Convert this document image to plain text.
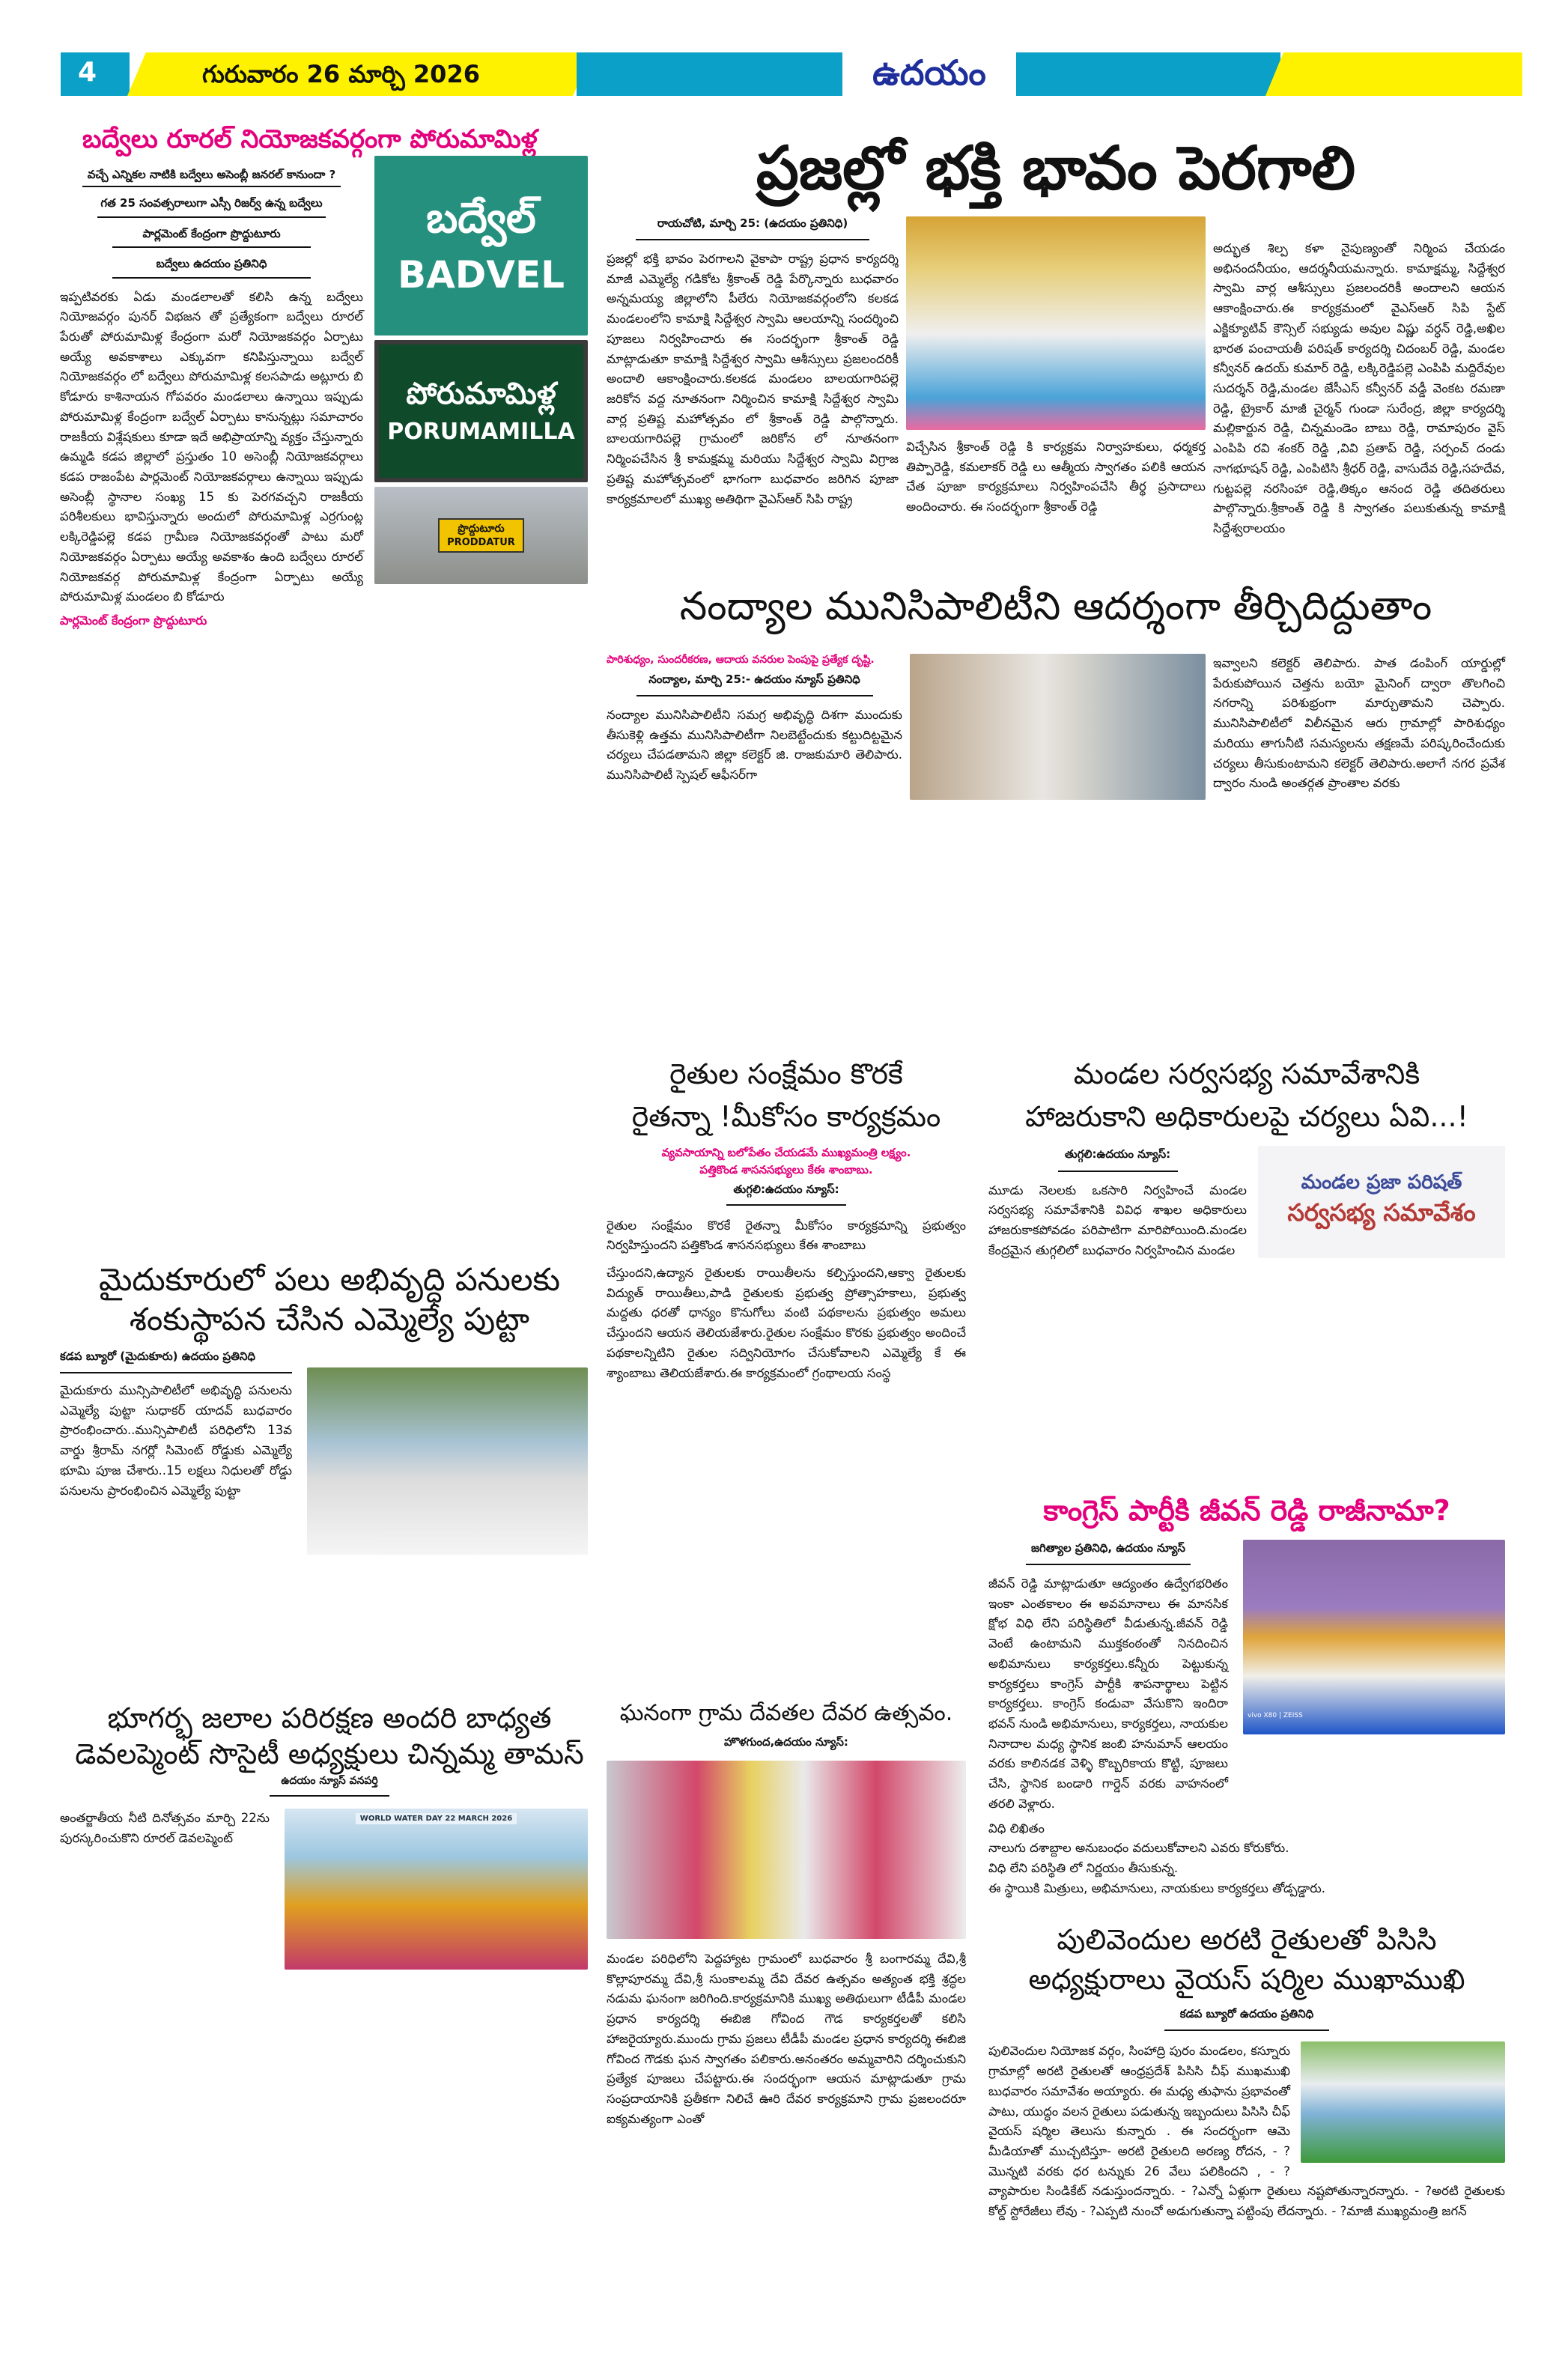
4	గురువారం 26 మార్చి 2026	ఉదయం
బద్వేలు రూరల్ నియోజకవర్గంగా పోరుమామిళ్ల
వచ్చే ఎన్నికల నాటికి బద్వేలు అసెంబ్లీ జనరల్ కానుందా ?
గత 25 సంవత్సరాలుగా ఎస్సీ రిజర్వ్ ఉన్న బద్వేలు
పార్లమెంట్ కేంద్రంగా ప్రొద్దుటూరు
బద్వేలు ఉదయం ప్రతినిధి
ఇప్పటివరకు ఏడు మండలాలతో కలిసి ఉన్న బద్వేలు నియోజవర్గం పునర్ విభజన తో ప్రత్యేకంగా బద్వేలు రూరల్ పేరుతో పోరుమామిళ్ల కేంద్రంగా మరో నియోజకవర్గం ఏర్పాటు అయ్యే అవకాశాలు ఎక్కువగా కనిపిస్తున్నాయి బద్వేల్ నియోజకవర్గం లో బద్వేలు పోరుమామిళ్ల కలసపాడు అట్లూరు బి కోడూరు కాశినాయన గోపవరం మండలాలు ఉన్నాయి ఇప్పుడు పోరుమామిళ్ల కేంద్రంగా బద్వేల్ ఏర్పాటు కానున్నట్లు సమాచారం రాజకీయ విశ్లేషకులు కూడా ఇదే అభిప్రాయాన్ని వ్యక్తం చేస్తున్నారు ఉమ్మడి కడప జిల్లాలో ప్రస్తుతం 10 అసెంబ్లీ నియోజకవర్గాలు కడప రాజంపేట పార్లమెంట్ నియోజకవర్గాలు ఉన్నాయి ఇప్పుడు అసెంబ్లీ స్థానాల సంఖ్య 15 కు పెరగవచ్చని రాజకీయ పరిశీలకులు భావిస్తున్నారు అందులో పోరుమామిళ్ల ఎర్రగుంట్ల లక్కిరెడ్డిపల్లె కడప గ్రామీణ నియోజకవర్గంతో పాటు మరో నియోజకవర్గం ఏర్పాటు అయ్యే అవకాశం ఉంది బద్వేలు రూరల్ నియోజకవర్గ పోరుమామిళ్ల కేంద్రంగా ఏర్పాటు అయ్యే పోరుమామిళ్ల మండలం బి కోడూరు
పార్లమెంట్ కేంద్రంగా ప్రొద్దుటూరు
బద్వేల్
BADVEL
పోరుమామిళ్ల
PORUMAMILLA
ప్రొద్దుటూరు
PRODDATUR
మైదుకూరులో పలు అభివృద్ధి పనులకు
శంకుస్థాపన చేసిన ఎమ్మెల్యే పుట్టా
కడప బ్యూరో (మైదుకూరు) ఉదయం ప్రతినిధి
మైదుకూరు మున్సిపాలిటీలో అభివృద్ధి పనులను ఎమ్మెల్యే పుట్టా సుధాకర్ యాదవ్ బుధవారం ప్రారంభించారు..మున్సిపాలిటీ పరిధిలోని 13వ వార్డు శ్రీరామ్ నగర్లో సిమెంట్ రోడ్డుకు ఎమ్మెల్యే భూమి పూజ చేశారు..15 లక్షలు నిధులతో రోడ్డు పనులను ప్రారంభించిన ఎమ్మెల్యే పుట్టా
భూగర్భ జలాల పరిరక్షణ అందరి బాధ్యత
డెవలప్మెంట్ సొసైటీ అధ్యక్షులు చిన్నమ్మ తామస్
ఉదయం న్యూస్ వనపర్తి
అంతర్జాతీయ నీటి దినోత్సవం మార్చి 22ను పురస్కరించుకొని రూరల్ డెవలప్మెంట్
WORLD WATER DAY 22 MARCH 2026
ప్రజల్లో భక్తి భావం పెరగాలి
రాయచోటి, మార్చి 25: (ఉదయం ప్రతినిధి)
ప్రజల్లో భక్తి భావం పెరగాలని వైకాపా రాష్ట్ర ప్రధాన కార్యదర్శి మాజీ ఎమ్మెల్యే గడికోట శ్రీకాంత్ రెడ్డి పేర్కొన్నారు బుధవారం అన్నమయ్య జిల్లాలోని పీలేరు నియోజకవర్గంలోని కలకడ మండలంలోని కామాక్షి సిద్దేశ్వర స్వామి ఆలయాన్ని సందర్శించి పూజలు నిర్వహించారు ఈ సందర్భంగా శ్రీకాంత్ రెడ్డి మాట్లాడుతూ కామాక్షి సిద్దేశ్వర స్వామి ఆశీస్సులు ప్రజలందరికీ అందాలి ఆకాంక్షించారు.కలకడ మండలం బాలయగారిపల్లె జరికోన వద్ద నూతనంగా నిర్మించిన కామాక్షి సిద్దేశ్వర స్వామి వార్ల ప్రతిష్ట మహోత్సవం లో శ్రీకాంత్ రెడ్డి పాల్గొన్నారు. బాలయగారిపల్లె గ్రామంలో జరికోన లో నూతనంగా నిర్మింపచేసిన శ్రీ కామక్షమ్మ మరియు సిద్దేశ్వర స్వామి విగ్రాజ ప్రతిష్ట మహోత్సవంలో భాగంగా బుధవారం జరిగిన పూజా కార్యక్రమాలలో ముఖ్య అతిథిగా వైఎస్ఆర్ సిపి రాష్ట్ర
విచ్చేసిన శ్రీకాంత్ రెడ్డి కి కార్యక్రమ నిర్వాహకులు, ధర్మకర్త తిప్పారెడ్డి, కమలాకర్ రెడ్డి లు ఆత్మీయ స్వాగతం పలికి ఆయన చేత పూజా కార్యక్రమాలు నిర్వహింపచేసి తీర్థ ప్రసాదాలు అందించారు. ఈ సందర్భంగా శ్రీకాంత్ రెడ్డి
అద్భుత శిల్ప కళా నైపుణ్యంతో నిర్మింప చేయడం అభినందనీయం, ఆదర్శనీయమన్నారు. కామాక్షమ్మ, సిద్దేశ్వర స్వామి వార్ల ఆశీస్సులు ప్రజలందరికీ అందాలని ఆయన ఆకాంక్షించారు.ఈ కార్యక్రమంలో వైఎస్ఆర్ సిపి స్టేట్ ఎక్జిక్యూటివ్ కౌన్సిల్ సభ్యుడు అవుల విష్ణు వర్ధన్ రెడ్డి,అఖిల భారత పంచాయతీ పరిషత్ కార్యదర్శి చిదంబర్ రెడ్డి, మండల కన్వీనర్ ఉదయ్ కుమార్ రెడ్డి, లక్కిరెడ్డిపల్లె ఎంపిపి మద్దిరేవుల సుదర్శన్ రెడ్డి,మండల జేసీఎస్ కన్వీనర్ వడ్డీ వెంకట రమణా రెడ్డి, ట్రైకార్ మాజీ చైర్మన్ గుండా సురేంద్ర, జిల్లా కార్యదర్శి మల్లికార్జున రెడ్డి, చిన్నమండెం బాబు రెడ్డి, రామాపురం వైస్ ఎంపిపి రవి శంకర్ రెడ్డి ,వివి ప్రతాప్ రెడ్డి, సర్పంచ్ దండు నాగభూషన్ రెడ్డి, ఎంపిటిసి శ్రీధర్ రెడ్డి, వాసుదేవ రెడ్డి,సహదేవ, గుట్టపల్లె నరసింహా రెడ్డి,తిక్కం ఆనంద రెడ్డి తదితరులు పాల్గొన్నారు.శ్రీకాంత్ రెడ్డి కి స్వాగతం పలుకుతున్న కామాక్షి సిద్దేశ్వరాలయం
నంద్యాల మునిసిపాలిటీని ఆదర్శంగా తీర్చిదిద్దుతాం
పారిశుధ్యం, సుందరీకరణ, ఆదాయ వనరుల పెంపుపై ప్రత్యేక దృష్టి.
నంద్యాల, మార్చి 25:- ఉదయం న్యూస్ ప్రతినిధి
నంద్యాల మునిసిపాలిటీని సమగ్ర అభివృద్ధి దిశగా ముందుకు తీసుకెళ్లి ఉత్తమ మునిసిపాలిటీగా నిలబెట్టేందుకు కట్టుదిట్టమైన చర్యలు చేపడతామని జిల్లా కలెక్టర్ జి. రాజకుమారి తెలిపారు. మునిసిపాలిటీ స్పెషల్ ఆఫీసర్‌గా
ఇవ్వాలని కలెక్టర్ తెలిపారు. పాత డంపింగ్ యార్డుల్లో పేరుకుపోయిన చెత్తను బయో మైనింగ్ ద్వారా తొలగించి నగరాన్ని పరిశుభ్రంగా మార్చుతామని చెప్పారు. మునిసిపాలిటీలో విలీనమైన ఆరు గ్రామాల్లో పారిశుధ్యం మరియు తాగునీటి సమస్యలను తక్షణమే పరిష్కరించేందుకు చర్యలు తీసుకుంటామని కలెక్టర్ తెలిపారు.అలాగే నగర ప్రవేశ ద్వారం నుండి అంతర్గత ప్రాంతాల వరకు
రైతుల సంక్షేమం కొరకే
రైతన్నా !మీకోసం కార్యక్రమం
వ్యవసాయాన్ని బలోపేతం చేయడమే ముఖ్యమంత్రి లక్ష్యం.
పత్తికొండ శాసనసభ్యులు కేఈ శాంబాబు.
తుగ్గలి:ఉదయం న్యూస్:

రైతుల సంక్షేమం కొరకే రైతన్నా మీకోసం కార్యక్రమాన్ని ప్రభుత్వం నిర్వహిస్తుందని పత్తికొండ శాసనసభ్యులు కేఈ శాంబాబు

చేస్తుందని,ఉద్యాన రైతులకు రాయితీలను కల్పిస్తుందని,ఆక్వా రైతులకు విద్యుత్ రాయితీలు,పాడి రైతులకు ప్రభుత్వ ప్రోత్సాహకాలు, ప్రభుత్వ మద్దతు ధరతో ధాన్యం కొనుగోలు వంటి పథకాలను ప్రభుత్వం అమలు చేస్తుందని ఆయన తెలియజేశారు.రైతుల సంక్షేమం కొరకు ప్రభుత్వం అందించే పథకాలన్నిటిని రైతుల సద్వినియోగం చేసుకోవాలని ఎమ్మెల్యే కే ఈ శ్యాంబాబు తెలియజేశారు.ఈ కార్యక్రమంలో గ్రంథాలయ సంస్థ
ఘనంగా గ్రామ దేవతల దేవర ఉత్సవం.
హొళగుంద,ఉదయం న్యూస్:
మండల పరిధిలోని పెద్దహ్యాట గ్రామంలో బుధవారం శ్రీ బంగారమ్మ దేవి,శ్రీ కొల్లాపూరమ్మ దేవి,శ్రీ సుంకాలమ్మ దేవి దేవర ఉత్సవం అత్యంత భక్తి శ్రద్ధల నడుమ ఘనంగా జరిగింది.కార్యక్రమానికి ముఖ్య అతిథులుగా టీడీపీ మండల ప్రధాన కార్యదర్శి ఈబిజి గోవింద గౌడ కార్యకర్తలతో కలిసి హాజరైయ్యారు.ముందు గ్రామ ప్రజలు టీడీపీ మండల ప్రధాన కార్యదర్శి ఈబిజి గోవింద గౌడకు ఘన స్వాగతం పలికారు.అనంతరం అమ్మవారిని దర్శించుకుని ప్రత్యేక పూజలు చేపట్టారు.ఈ సందర్భంగా ఆయన మాట్లాడుతూ గ్రామ సంప్రదాయానికి ప్రతీకగా నిలిచే ఊరి దేవర కార్యక్రమాని గ్రామ ప్రజలందరూ ఐక్యమత్యంగా ఎంతో
మండల సర్వసభ్య సమావేశానికి
హాజరుకాని అధికారులపై చర్యలు ఏవి...!
తుగ్గలి:ఉదయం న్యూస్:
మూడు నెలలకు ఒకసారి నిర్వహించే మండల సర్వసభ్య సమావేశానికి వివిధ శాఖల అధికారులు హాజరుకాకపోవడం పరిపాటిగా మారిపోయింది.మండల కేంద్రమైన తుగ్గలిలో బుధవారం నిర్వహించిన మండల
మండల ప్రజా పరిషత్
సర్వసభ్య సమావేశం
కాంగ్రెస్ పార్టీకి జీవన్ రెడ్డి రాజీనామా?
జగిత్యాల ప్రతినిధి, ఉదయం న్యూస్
జీవన్ రెడ్డి మాట్లాడుతూ ఆద్యంతం ఉద్వేగభరితం ఇంకా ఎంతకాలం ఈ అవమానాలు ఈ మానసిక క్షోభ విధి లేని పరిస్థితిలో వీడుతున్న.జీవన్ రెడ్డి వెంటే ఉంటామని ముక్తకంఠంతో నినదించిన అభిమానులు కార్యకర్తలు.కన్నీరు పెట్టుకున్న కార్యకర్తలు కాంగ్రెస్ పార్టీకి శాపనార్థాలు పెట్టిన కార్యకర్తలు. కాంగ్రెస్ కండువా వేసుకొని ఇందిరా భవన్ నుండి అభిమానులు, కార్యకర్తలు, నాయకుల నినాదాల మధ్య స్థానిక జంబి హనుమాన్ ఆలయం వరకు కాలినడక వెళ్ళి కొబ్బరికాయ కొట్టి, పూజలు చేసి, స్థానిక బండారి గార్డెన్ వరకు వాహనంలో తరలి వెళ్లారు.
vivo X80 | ZEISS
విధి లిఖితం
నాలుగు దశాబ్దాల అనుబంధం వదులుకోవాలని ఎవరు కోరుకోరు.
విధి లేని పరిస్థితి లో నిర్ణయం తీసుకున్న.
ఈ స్థాయికి మిత్రులు, అభిమానులు, నాయకులు కార్యకర్తలు తోడ్పడ్డారు.
పులివెందుల అరటి రైతులతో పిసిసి
అధ్యక్షురాలు వైయస్ షర్మిల ముఖాముఖి
కడప బ్యూరో ఉదయం ప్రతినిధి
పులివెందుల నియోజక వర్గం, సింహాద్రి పురం మండలం, కస్నూరు గ్రామాల్లో అరటి రైతులతో ఆంధ్రప్రదేశ్ పిసిసి చీఫ్ ముఖముఖి బుధవారం సమావేశం అయ్యారు. ఈ మధ్య తుఫాను ప్రభావంతో పాటు, యుద్ధం వలన రైతులు పడుతున్న ఇబ్బందులు పిసిసి చీఫ్ వైయస్ షర్మిల తెలుసు కున్నారు . ఈ సందర్భంగా ఆమె మీడియాతో ముచ్చటిస్తూ- అరటి రైతులది అరణ్య రోదన, - ?మొన్నటి వరకు ధర టన్నుకు 26 వేలు పలికిందని , - ?వ్యాపారుల సిండికేట్ నడుస్తుందన్నారు. - ?ఎన్నో ఏళ్లుగా రైతులు నష్టపోతున్నారన్నారు. - ?అరటి రైతులకు కోల్డ్ స్టోరేజీలు లేవు - ?ఎప్పటి నుంచో అడుగుతున్నా పట్టింపు లేదన్నారు. - ?మాజీ ముఖ్యమంత్రి జగన్
